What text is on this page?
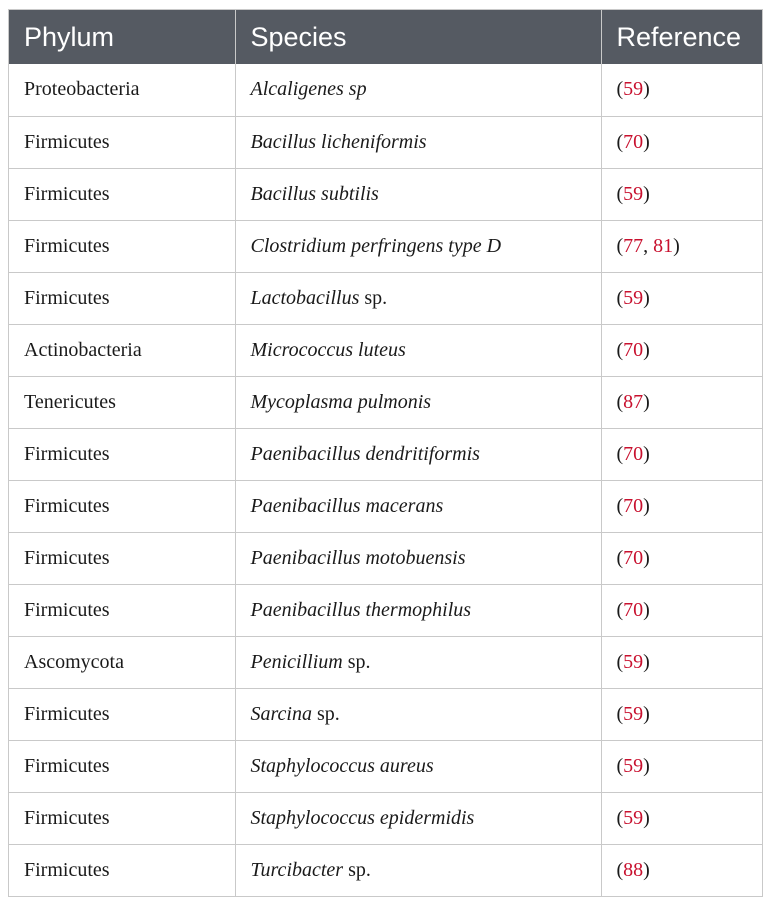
Phylum	Species	Reference
Proteobacteria	Alcaligenes sp	(59)
Firmicutes	Bacillus licheniformis	(70)
Firmicutes	Bacillus subtilis	(59)
Firmicutes	Clostridium perfringens type D	(77, 81)
Firmicutes	Lactobacillus sp.	(59)
Actinobacteria	Micrococcus luteus	(70)
Tenericutes	Mycoplasma pulmonis	(87)
Firmicutes	Paenibacillus dendritiformis	(70)
Firmicutes	Paenibacillus macerans	(70)
Firmicutes	Paenibacillus motobuensis	(70)
Firmicutes	Paenibacillus thermophilus	(70)
Ascomycota	Penicillium sp.	(59)
Firmicutes	Sarcina sp.	(59)
Firmicutes	Staphylococcus aureus	(59)
Firmicutes	Staphylococcus epidermidis	(59)
Firmicutes	Turcibacter sp.	(88)
